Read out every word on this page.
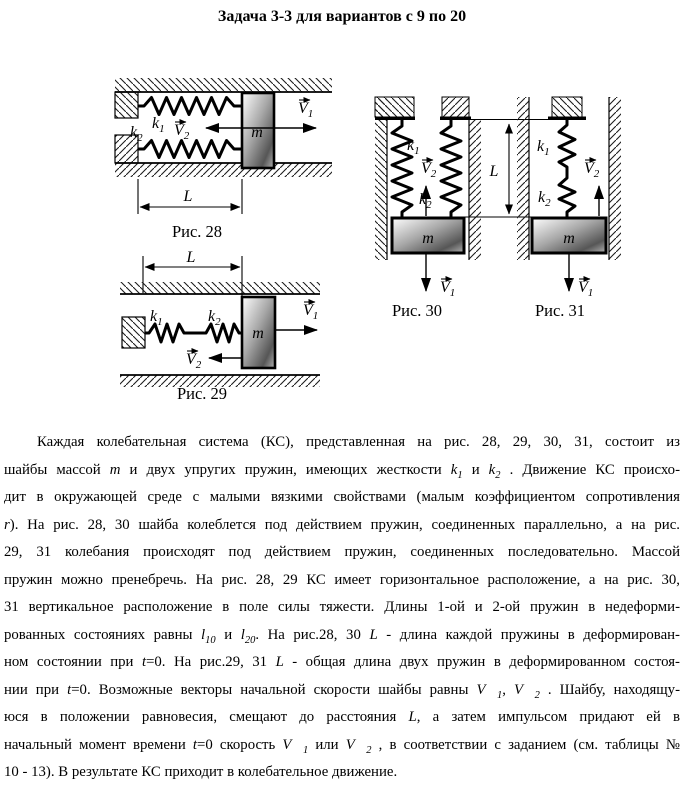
Задача 3-3 для вариантов с 9 по 20
m
$V_1$
$V_2$
$k_1$
$k_2$
L
Рис. 28
L
m
$V_1$
$V_2$
$k_1$	$k_2$
Рис. 29
$V_2$
$k_1$
$k_2$
m
$V_1$
Рис. 30
L
$k_1$
$k_2$
$V_2$
m
$V_1$
Рис. 31
Каждая колебательная система (КС), представленная на рис. 28, 29, 30, 31, состоит из
шайбы массой m и двух упругих пружин, имеющих жесткости $k_1$ и $k_2$ . Движение КС происхо-
дит в окружающей среде с малыми вязкими свойствами (малым коэффициентом сопротивления
r). На рис. 28, 30 шайба колеблется под действием пружин, соединенных параллельно, а на рис.
29, 31 колебания происходят под действием пружин, соединенных последовательно. Массой
пружин можно пренебречь. На рис. 28, 29 КС имеет горизонтальное расположение, а на рис. 30,
31 вертикальное расположение в поле силы тяжести. Длины 1-ой и 2-ой пружин в недеформи-
рованных состояниях равны $l_{10}$ и $l_{20}$. На рис.28, 30 L - длина каждой пружины в деформирован-
ном состоянии при t=0. На рис.29, 31 L - общая длина двух пружин в деформированном состоя-
нии при t=0. Возможные векторы начальной скорости шайбы равны $V⃗_1$, $V⃗_2$ . Шайбу, находящу-
юся в положении равновесия, смещают до расстояния L, а затем импульсом придают ей в
начальный момент времени t=0 скорость $V⃗_1$ или $V⃗_2$ , в соответствии с заданием (см. таблицы №
10 - 13). В результате КС приходит в колебательное движение.
